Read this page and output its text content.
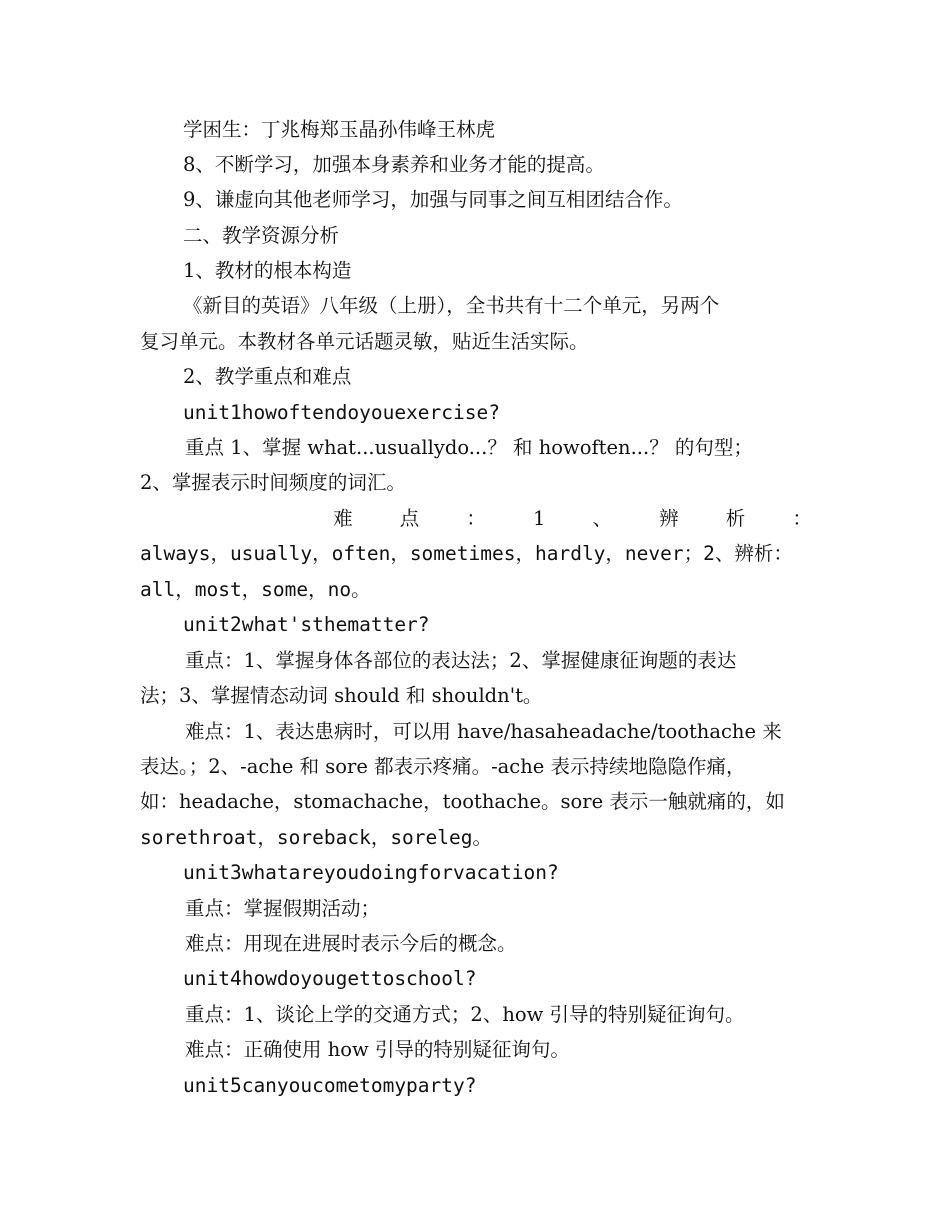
学困生：丁兆梅郑玉晶孙伟峰王林虎
8、不断学习，加强本身素养和业务才能的提高。
9、谦虚向其他老师学习，加强与同事之间互相团结合作。
二、教学资源分析
1、教材的根本构造
《新目的英语》八年级（上册），全书共有十二个单元，另两个
复习单元。本教材各单元话题灵敏，贴近生活实际。
2、教学重点和难点
unit1howoftendoyouexercise?
重点 1、掌握 what...usuallydo...？ 和 howoften...？ 的句型；
2、掌握表示时间频度的词汇。
难 点 ： 1 、 辨 析 ：
always，usually，often，sometimes，hardly，never；2、辨析：
all，most，some，no。
unit2what'sthematter?
重点：1、掌握身体各部位的表达法；2、掌握健康征询题的表达
法；3、掌握情态动词 should 和 shouldn't。
难点：1、表达患病时，可以用 have/hasaheadache/toothache 来
表达。；2、-ache 和 sore 都表示疼痛。-ache 表示持续地隐隐作痛，
如：headache，stomachache，toothache。sore 表示一触就痛的，如
sorethroat，soreback，soreleg。
unit3whatareyoudoingforvacation?
重点：掌握假期活动；
难点：用现在进展时表示今后的概念。
unit4howdoyougettoschool?
重点：1、谈论上学的交通方式；2、how 引导的特别疑征询句。
难点：正确使用 how 引导的特别疑征询句。
unit5canyoucometomyparty?
